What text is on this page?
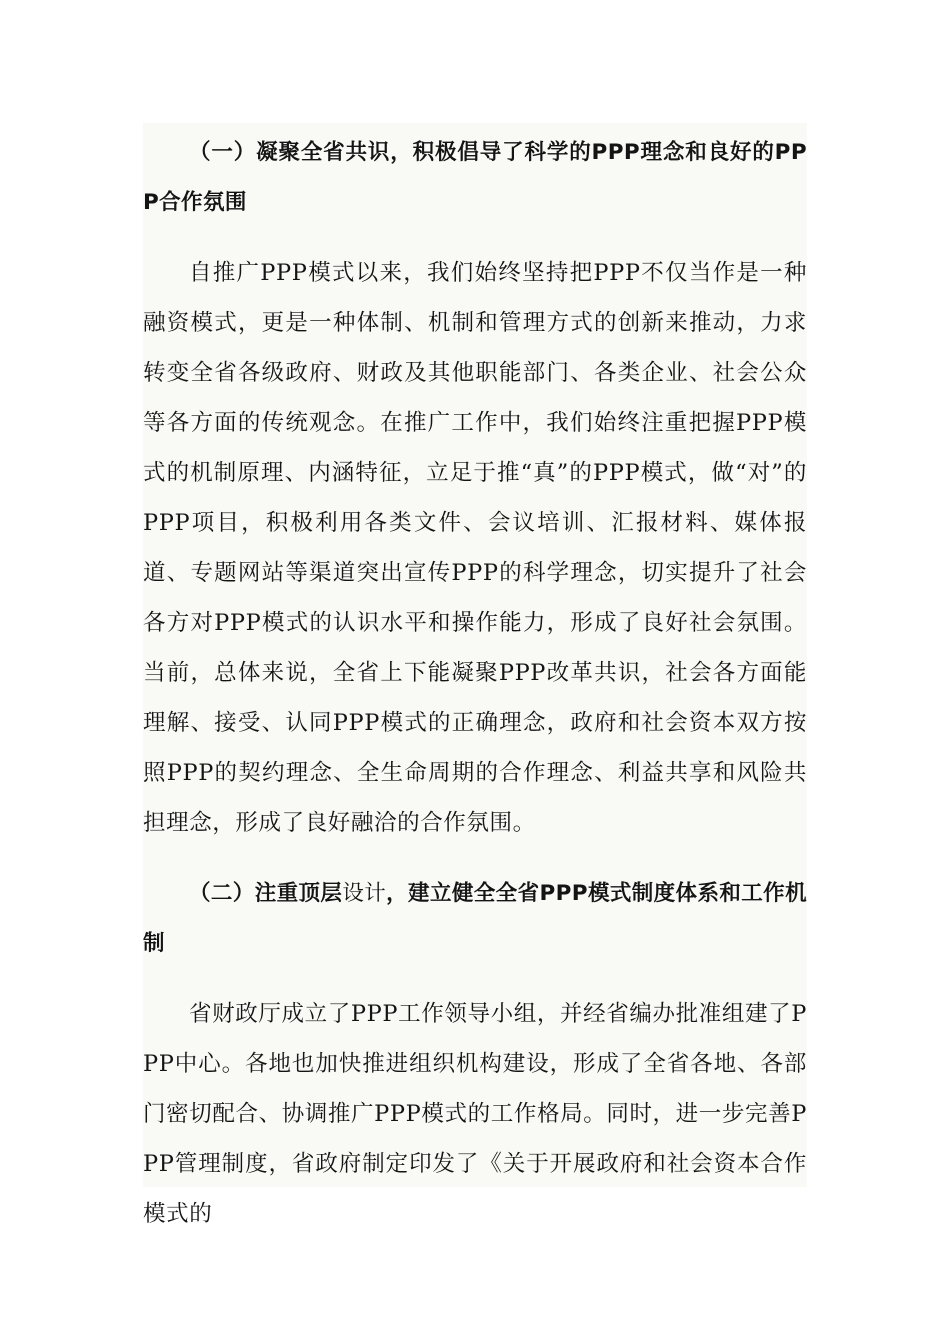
（一）凝聚全省共识，积极倡导了科学的PPP理念和良好的PPP合作氛围

自推广PPP模式以来，我们始终坚持把PPP不仅当作是一种融资模式，更是一种体制、机制和管理方式的创新来推动，力求转变全省各级政府、财政及其他职能部门、各类企业、社会公众等各方面的传统观念。在推广工作中，我们始终注重把握PPP模式的机制原理、内涵特征，立足于推“真”的PPP模式，做“对”的PPP项目，积极利用各类文件、会议培训、汇报材料、媒体报道、专题网站等渠道突出宣传PPP的科学理念，切实提升了社会各方对PPP模式的认识水平和操作能力，形成了良好社会氛围。当前，总体来说，全省上下能凝聚PPP改革共识，社会各方面能理解、接受、认同PPP模式的正确理念，政府和社会资本双方按照PPP的契约理念、全生命周期的合作理念、利益共享和风险共担理念，形成了良好融洽的合作氛围。

（二）注重顶层设计，建立健全全省PPP模式制度体系和工作机制

省财政厅成立了PPP工作领导小组，并经省编办批准组建了PPP中心。各地也加快推进组织机构建设，形成了全省各地、各部门密切配合、协调推广PPP模式的工作格局。同时，进一步完善PPP管理制度，省政府制定印发了《关于开展政府和社会资本合作模式的
